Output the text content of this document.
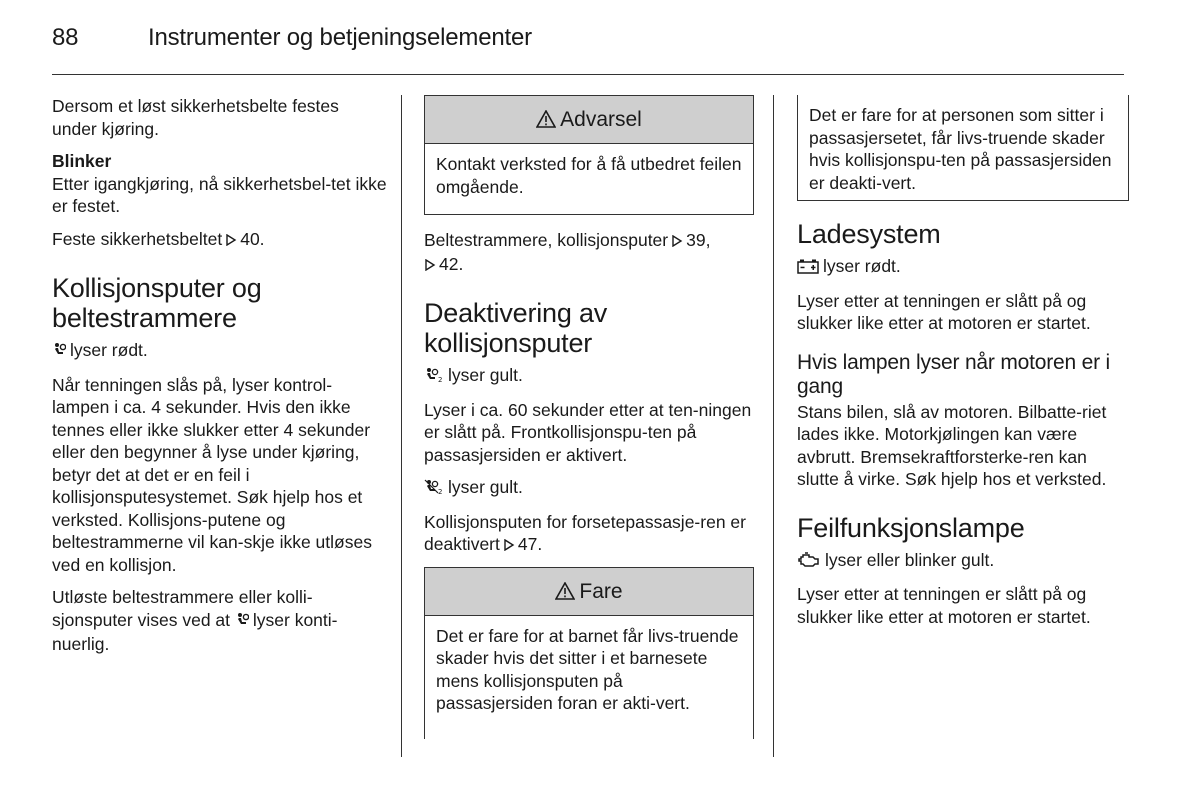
88	Instrumenter og betjeningselementer

Dersom et løst sikkerhetsbelte festes under kjøring.

Blinker

Etter igangkjøring, nå sikkerhetsbel-tet ikke er festet.

Feste sikkerhetsbeltet 40.

Kollisjonsputer og beltestrammere

lyser rødt.

Når tenningen slås på, lyser kontrol-lampen i ca. 4 sekunder. Hvis den ikke tennes eller ikke slukker etter 4 sekunder eller den begynner å lyse under kjøring, betyr det at det er en feil i kollisjonsputesystemet. Søk hjelp hos et verksted. Kollisjons-putene og beltestrammerne vil kan-skje ikke utløses ved en kollisjon.

Utløste beltestrammere eller kolli-sjonsputer vises ved at lyser konti-nuerlig.

Advarsel

Kontakt verksted for å få utbedret feilen omgående.

Beltestrammere, kollisjonsputer 39,
42.

Deaktivering av kollisjonsputer

2 lyser gult.

Lyser i ca. 60 sekunder etter at ten-ningen er slått på. Frontkollisjonspu-ten på passasjersiden er aktivert.

2 lyser gult.

Kollisjonsputen for forsetepassasje-ren er deaktivert 47.

Fare

Det er fare for at barnet får livs-truende skader hvis det sitter i et barnesete mens kollisjonsputen på passasjersiden foran er akti-vert.

Det er fare for at personen som sitter i passasjersetet, får livs-truende skader hvis kollisjonspu-ten på passasjersiden er deakti-vert.

Ladesystem

lyser rødt.

Lyser etter at tenningen er slått på og slukker like etter at motoren er startet.

Hvis lampen lyser når motoren er i gang

Stans bilen, slå av motoren. Bilbatte-riet lades ikke. Motorkjølingen kan være avbrutt. Bremsekraftforsterke-ren kan slutte å virke. Søk hjelp hos et verksted.

Feilfunksjonslampe

lyser eller blinker gult.

Lyser etter at tenningen er slått på og slukker like etter at motoren er startet.
